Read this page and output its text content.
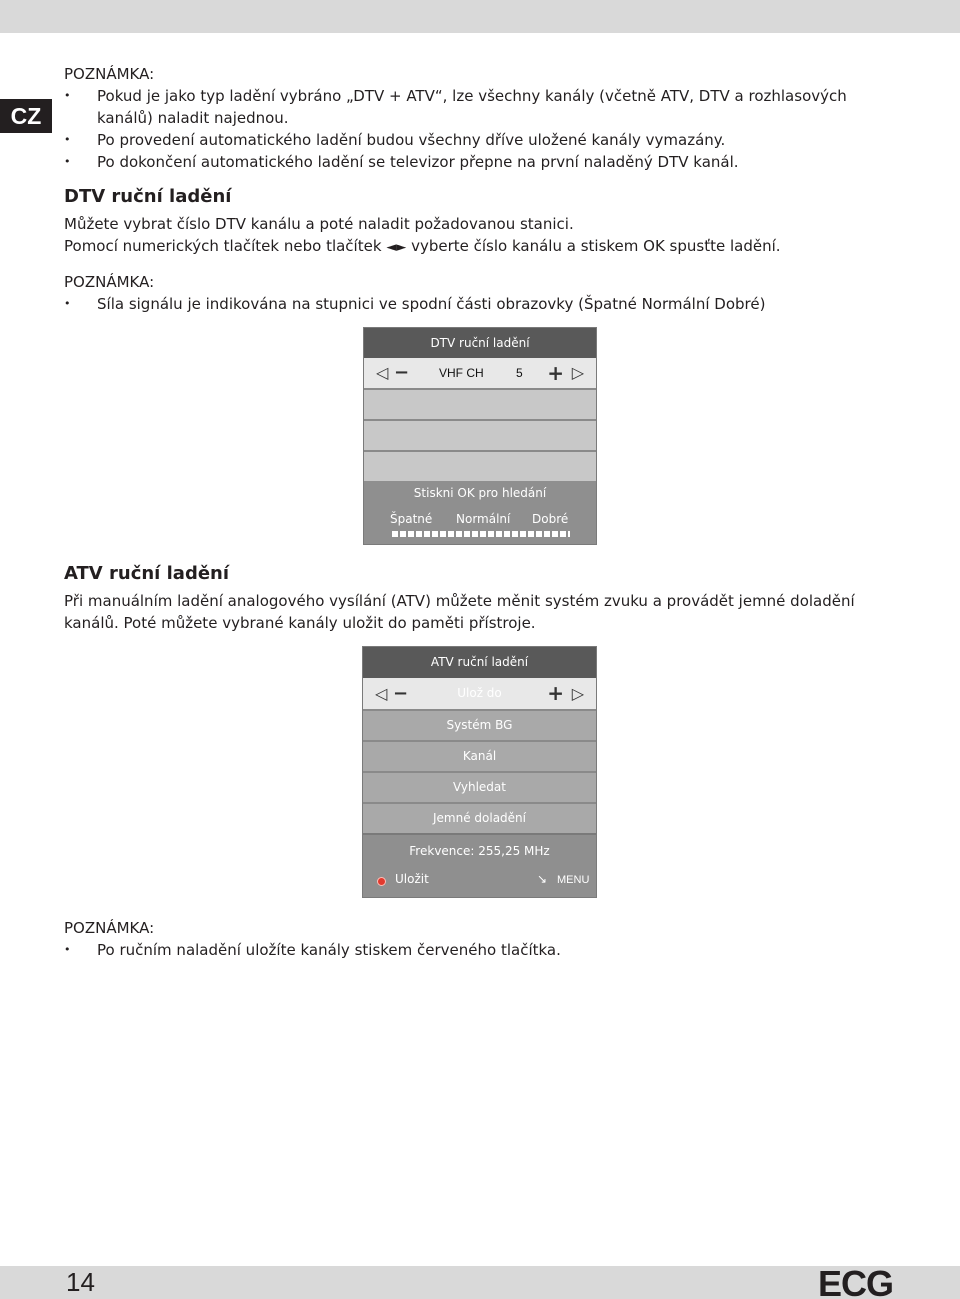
CZ
POZNÁMKA:
• Pokud je jako typ ladění vybráno „DTV + ATV“, lze všechny kanály (včetně ATV, DTV a rozhlasových kanálů) naladit najednou.
• Po provedení automatického ladění budou všechny dříve uložené kanály vymazány.
• Po dokončení automatického ladění se televizor přepne na první naladěný DTV kanál.
DTV ruční ladění
Můžete vybrat číslo DTV kanálu a poté naladit požadovanou stanici.
Pomocí numerických tlačítek nebo tlačítek ◄► vyberte číslo kanálu a stiskem OK spusťte ladění.
POZNÁMKA:
• Síla signálu je indikována na stupnici ve spodní části obrazovky (Špatné Normální Dobré)
DTV ruční ladění
◁ − VHF CH	5 + ▷
Stiskni OK pro hledání
Špatné Normální Dobré
ATV ruční ladění
Při manuálním ladění analogového vysílání (ATV) můžete měnit systém zvuku a provádět jemné doladění kanálů. Poté můžete vybrané kanály uložit do paměti přístroje.
ATV ruční ladění
◁ −	Ulož do + ▷
Systém BG
Kanál
Vyhledat
Jemné doladění
Frekvence: 255,25 MHz
Uložit	↘ MENU
POZNÁMKA:
• Po ručním naladění uložíte kanály stiskem červeného tlačítka.
14	ECG
